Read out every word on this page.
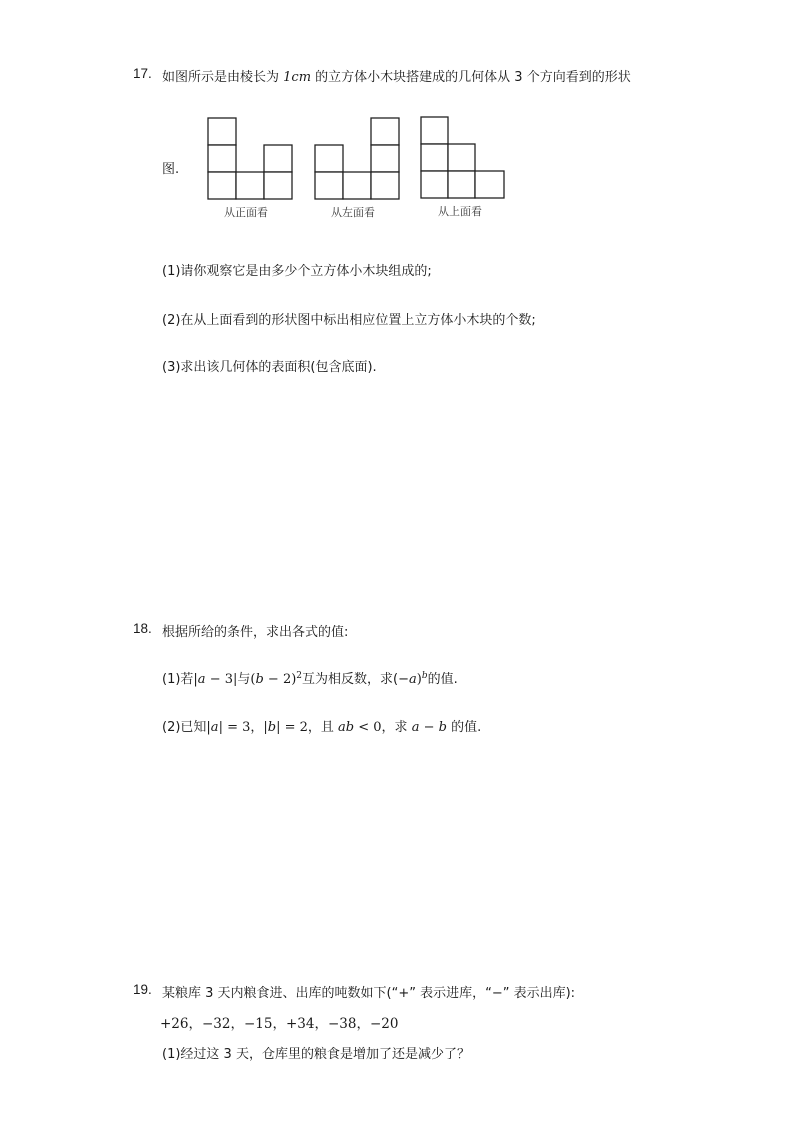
17. 如图所示是由棱长为 1cm 的立方体小木块搭建成的几何体从 3 个方向看到的形状
图.
从正面看	从左面看	从上面看
(1)请你观察它是由多少个立方体小木块组成的;
(2)在从上面看到的形状图中标出相应位置上立方体小木块的个数;
(3)求出该几何体的表面积(包含底面).
18. 根据所给的条件，求出各式的值:
(1)若|a − 3|与$(b - 2)^2$互为相反数，求$(-a)^b$的值.
(2)已知|a| = 3，|b| = 2，且 ab < 0，求 a − b 的值.
19. 某粮库 3 天内粮食进、出库的吨数如下(“+” 表示进库，“−” 表示出库):
+26，−32，−15，+34，−38，−20
(1)经过这 3 天，仓库里的粮食是增加了还是减少了？
